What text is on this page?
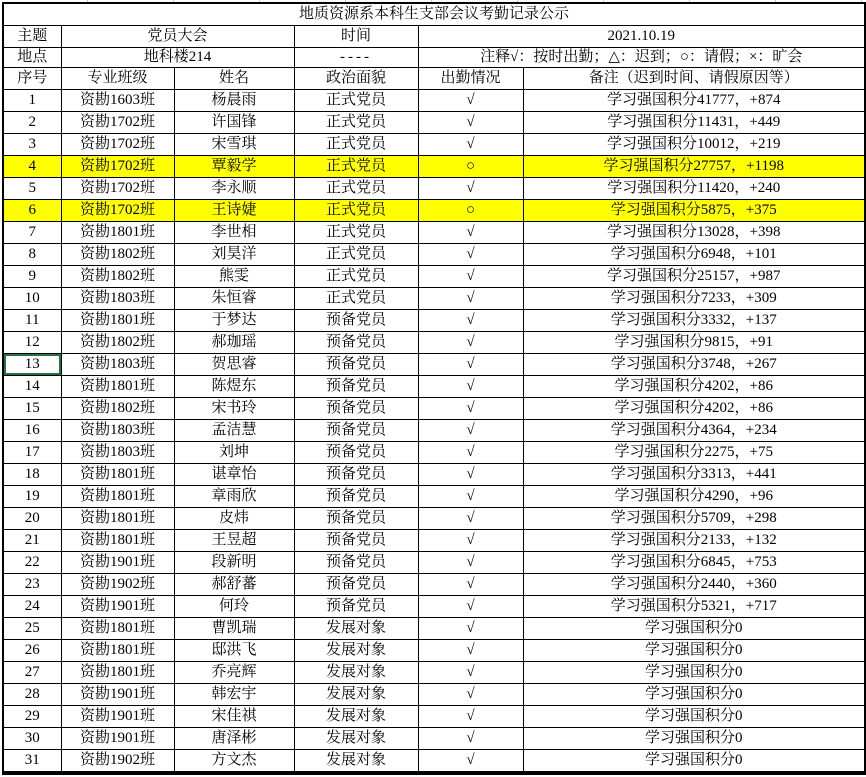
地质资源系本科生支部会议考勤记录公示					
主题	党员大会		时间	2021.10.19	
地点	地科楼214		----	注释√：按时出勤；△：迟到；○：请假；×：旷会	
序号	专业班级	姓名	政治面貌	出勤情况	备注（迟到时间、请假原因等）
1	资勘1603班	杨晨雨	正式党员	√	学习强国积分41777，+874
2	资勘1702班	许国锋	正式党员	√	学习强国积分11431，+449
3	资勘1702班	宋雪琪	正式党员	√	学习强国积分10012，+219
4	资勘1702班	覃毅学	正式党员	○	学习强国积分27757，+1198
5	资勘1702班	李永顺	正式党员	√	学习强国积分11420，+240
6	资勘1702班	王诗婕	正式党员	○	学习强国积分5875，+375
7	资勘1801班	李世相	正式党员	√	学习强国积分13028，+398
8	资勘1802班	刘昊洋	正式党员	√	学习强国积分6948，+101
9	资勘1802班	熊雯	正式党员	√	学习强国积分25157，+987
10	资勘1803班	朱恒睿	正式党员	√	学习强国积分7233，+309
11	资勘1801班	于梦达	预备党员	√	学习强国积分3332，+137
12	资勘1802班	郝珈瑶	预备党员	√	学习强国积分9815，+91
13	资勘1803班	贺思睿	预备党员	√	学习强国积分3748，+267
14	资勘1801班	陈煜东	预备党员	√	学习强国积分4202，+86
15	资勘1802班	宋书玲	预备党员	√	学习强国积分4202，+86
16	资勘1803班	孟洁慧	预备党员	√	学习强国积分4364，+234
17	资勘1803班	刘坤	预备党员	√	学习强国积分2275，+75
18	资勘1801班	谌章怡	预备党员	√	学习强国积分3313，+441
19	资勘1801班	章雨欣	预备党员	√	学习强国积分4290，+96
20	资勘1801班	皮炜	预备党员	√	学习强国积分5709，+298
21	资勘1801班	王昱超	预备党员	√	学习强国积分2133，+132
22	资勘1901班	段新明	预备党员	√	学习强国积分6845，+753
23	资勘1902班	郝舒蕃	预备党员	√	学习强国积分2440，+360
24	资勘1901班	何玲	预备党员	√	学习强国积分5321，+717
25	资勘1801班	曹凯瑞	发展对象	√	学习强国积分0
26	资勘1801班	邸洪飞	发展对象	√	学习强国积分0
27	资勘1801班	乔亮辉	发展对象	√	学习强国积分0
28	资勘1901班	韩宏宇	发展对象	√	学习强国积分0
29	资勘1901班	宋佳祺	发展对象	√	学习强国积分0
30	资勘1901班	唐泽彬	发展对象	√	学习强国积分0
31	资勘1902班	方文杰	发展对象	√	学习强国积分0
